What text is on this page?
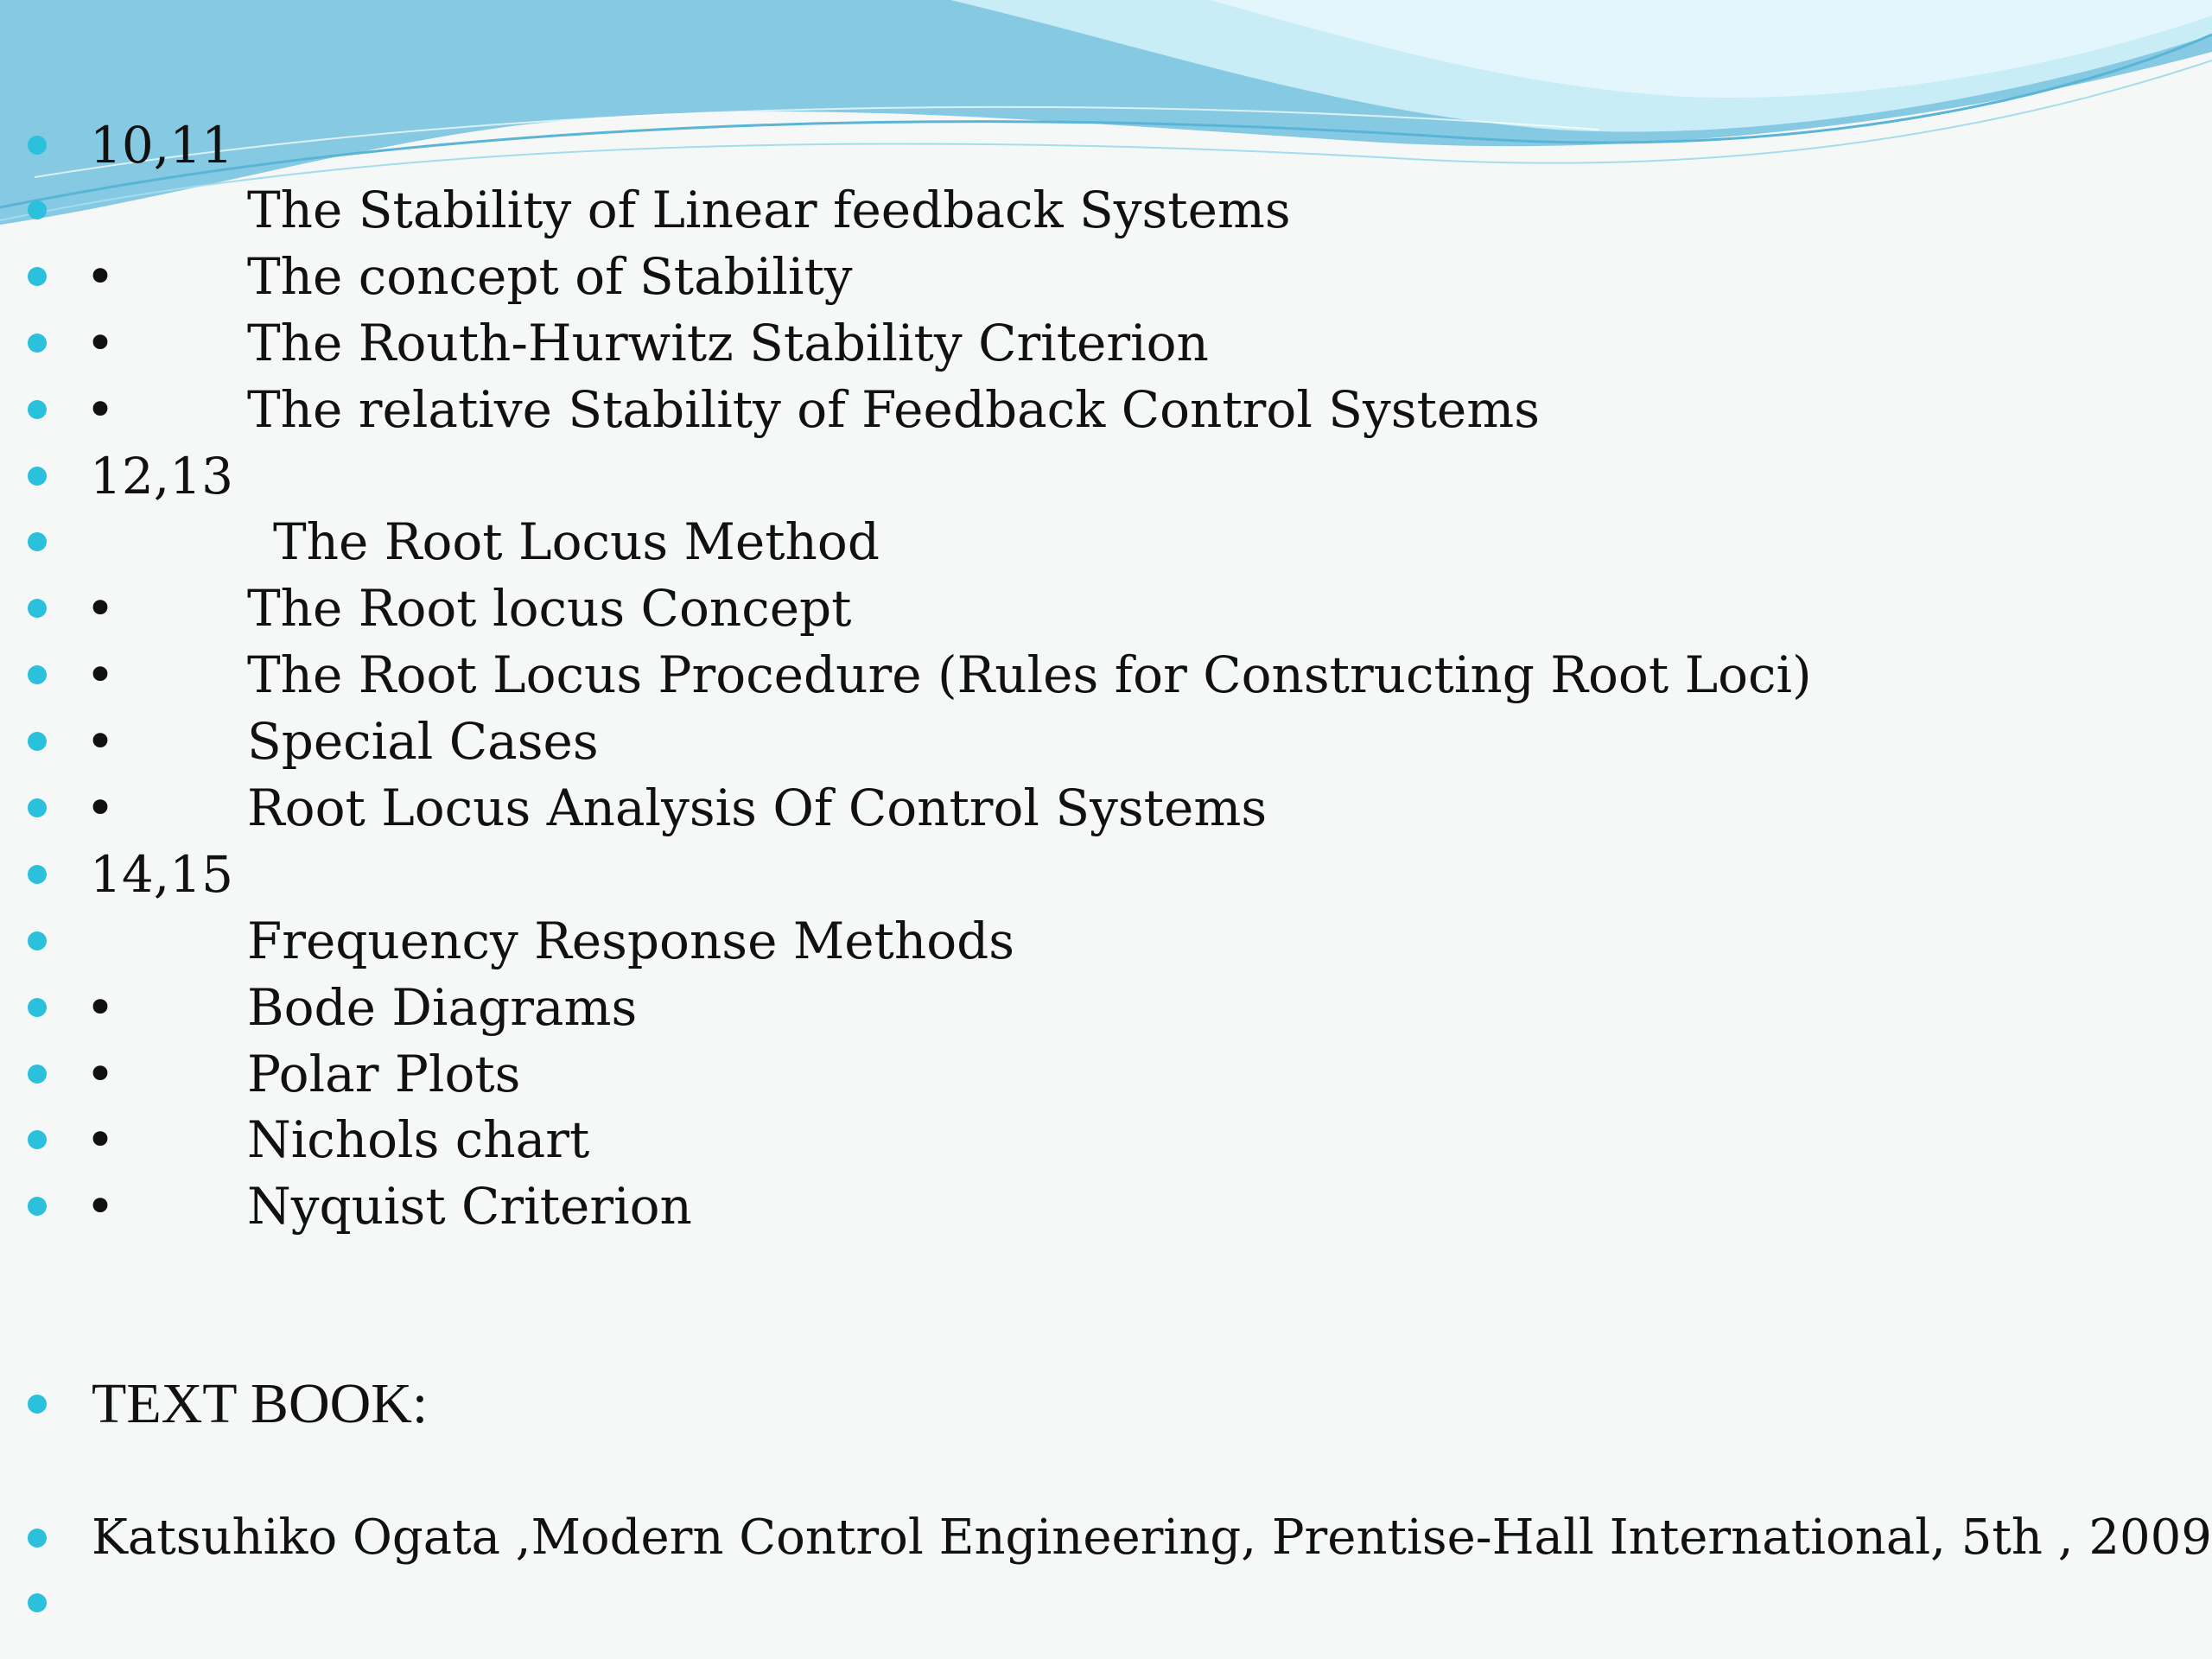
10,11
The Stability of Linear feedback Systems
•	The concept of Stability
•	The Routh-Hurwitz Stability Criterion
•	The relative Stability of Feedback Control Systems
12,13
The Root Locus Method
•	The Root locus Concept
•	The Root Locus Procedure (Rules for Constructing Root Loci)
•	Special Cases
•	Root Locus Analysis Of Control Systems
14,15
Frequency Response Methods
•	Bode Diagrams
•	Polar Plots
•	Nichols chart
•	Nyquist Criterion
TEXT BOOK:
Katsuhiko Ogata ,Modern Control Engineering, Prentise-Hall International, 5th , 2009
